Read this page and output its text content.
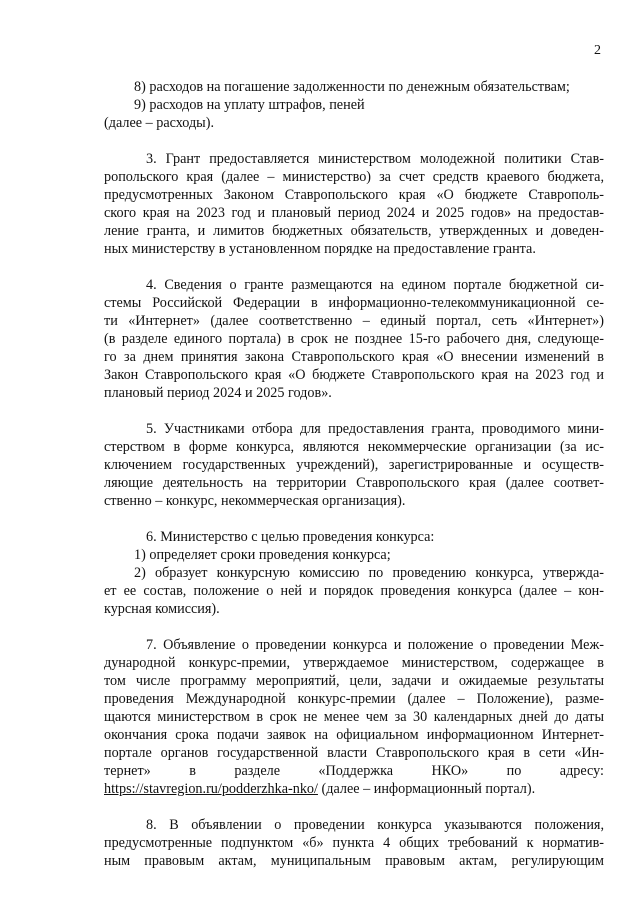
2
8) расходов на погашение задолженности по денежным обязательствам;
9) расходов на уплату штрафов, пеней
(далее – расходы).
3. Грант предоставляется министерством молодежной политики Став-
ропольского края (далее – министерство) за счет средств краевого бюджета,
предусмотренных Законом Ставропольского края «О бюджете Ставрополь-
ского края на 2023 год и плановый период 2024 и 2025 годов» на предостав-
ление гранта, и лимитов бюджетных обязательств, утвержденных и доведен-
ных министерству в установленном порядке на предоставление гранта.
4. Сведения о гранте размещаются на едином портале бюджетной си-
стемы Российской Федерации в информационно-телекоммуникационной се-
ти «Интернет» (далее соответственно – единый портал, сеть «Интернет»)
(в разделе единого портала) в срок не позднее 15-го рабочего дня, следующе-
го за днем принятия закона Ставропольского края «О внесении изменений в
Закон Ставропольского края «О бюджете Ставропольского края на 2023 год и
плановый период 2024 и 2025 годов».
5. Участниками отбора для предоставления гранта, проводимого мини-
стерством в форме конкурса, являются некоммерческие организации (за ис-
ключением государственных учреждений), зарегистрированные и осуществ-
ляющие деятельность на территории Ставропольского края (далее соответ-
ственно – конкурс, некоммерческая организация).
6. Министерство с целью проведения конкурса:
1) определяет сроки проведения конкурса;
2) образует конкурсную комиссию по проведению конкурса, утвержда-
ет ее состав, положение о ней и порядок проведения конкурса (далее – кон-
курсная комиссия).
7. Объявление о проведении конкурса и положение о проведении Меж-
дународной конкурс-премии, утверждаемое министерством, содержащее в
том числе программу мероприятий, цели, задачи и ожидаемые результаты
проведения Международной конкурс-премии (далее – Положение), разме-
щаются министерством в срок не менее чем за 30 календарных дней до даты
окончания срока подачи заявок на официальном информационном Интернет-
портале органов государственной власти Ставропольского края в сети «Ин-
тернет» в разделе «Поддержка НКО» по адресу:
https://stavregion.ru/podderzhka-nko/ (далее – информационный портал).
8. В объявлении о проведении конкурса указываются положения,
предусмотренные подпунктом «б» пункта 4 общих требований к норматив-
ным правовым актам, муниципальным правовым актам, регулирующим
